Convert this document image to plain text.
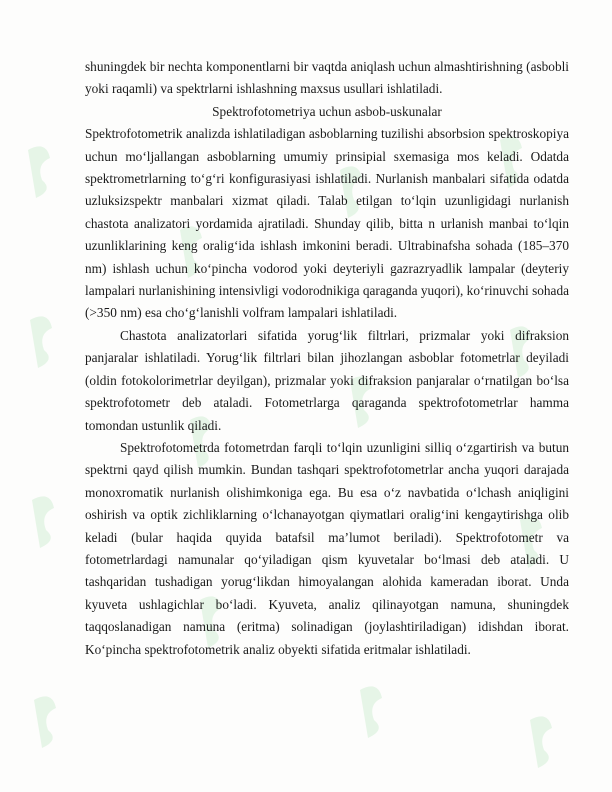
shuningdek bir nechta komponentlarni bir vaqtda aniqlash uchun almashtirishning (asbobli yoki raqamli) va spektrlarni ishlashning maxsus usullari ishlatiladi.

Spektrofotometriya uchun asbob-uskunalar

Spektrofotometrik analizda ishlatiladigan asboblarning tuzilishi absorbsion spektroskopiya uchun mo‘ljallangan asboblarning umumiy prinsipial sxemasiga mos keladi. Odatda spektrometrlarning to‘g‘ri konfigurasiyasi ishlatiladi. Nurlanish manbalari sifatida odatda uzluksizspektr manbalari xizmat qiladi. Talab etilgan to‘lqin uzunligidagi nurlanish chastota analizatori yordamida ajratiladi. Shunday qilib, bitta n urlanish manbai to‘lqin uzunliklarining keng oralig‘ida ishlash imkonini beradi. Ultrabinafsha sohada (185–370 nm) ishlash uchun ko‘pincha vodorod yoki deyteriyli gazrazryadlik lampalar (deyteriy lampalari nurlanishining intensivligi vodorodnikiga qaraganda yuqori), ko‘rinuvchi sohada (>350 nm) esa cho‘g‘lanishli volfram lampalari ishlatiladi.

Chastota analizatorlari sifatida yorug‘lik filtrlari, prizmalar yoki difraksion panjaralar ishlatiladi. Yorug‘lik filtrlari bilan jihozlangan asboblar fotometrlar deyiladi (oldin fotokolorimetrlar deyilgan), prizmalar yoki difraksion panjaralar o‘rnatilgan bo‘lsa spektrofotometr deb ataladi. Fotometrlarga qaraganda spektrofotometrlar hamma tomondan ustunlik qiladi.

Spektrofotometrda fotometrdan farqli to‘lqin uzunligini silliq o‘zgartirish va butun spektrni qayd qilish mumkin. Bundan tashqari spektrofotometrlar ancha yuqori darajada monoxromatik nurlanish olishimkoniga ega. Bu esa o‘z navbatida o‘lchash aniqligini oshirish va optik zichliklarning o‘lchanayotgan qiymatlari oralig‘ini kengaytirishga olib keladi (bular haqida quyida batafsil ma’lumot beriladi). Spektrofotometr va fotometrlardagi namunalar qo‘yiladigan qism kyuvetalar bo‘lmasi deb ataladi. U tashqaridan tushadigan yorug‘likdan himoyalangan alohida kameradan iborat. Unda kyuveta ushlagichlar bo‘ladi. Kyuveta, analiz qilinayotgan namuna, shuningdek taqqoslanadigan namuna (eritma) solinadigan (joylashtiriladigan) idishdan iborat. Ko‘pincha spektrofotometrik analiz obyekti sifatida eritmalar ishlatiladi.
